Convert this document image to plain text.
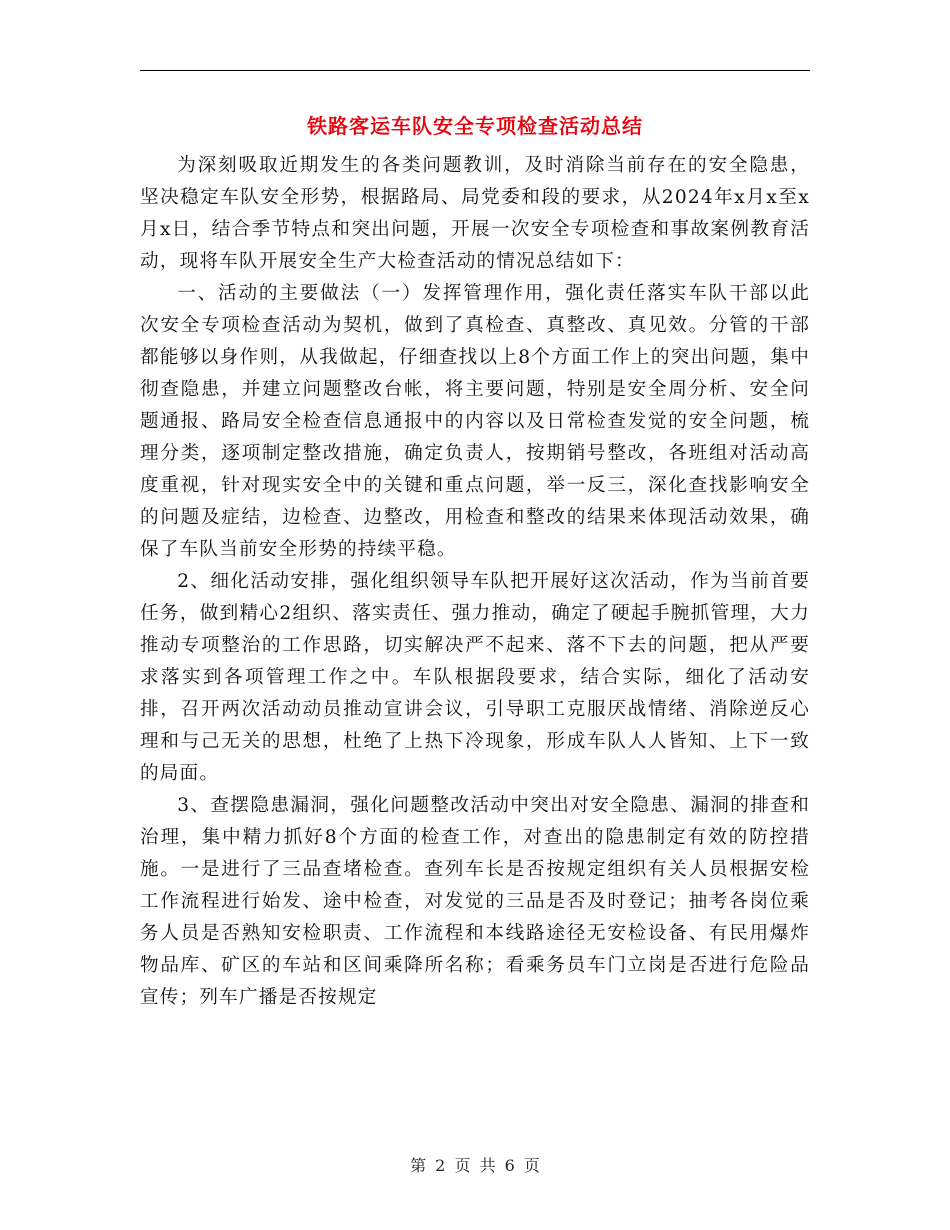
铁路客运车队安全专项检查活动总结

为深刻吸取近期发生的各类问题教训，及时消除当前存在的安全隐患，坚决稳定车队安全形势，根据路局、局党委和段的要求，从2024年x月x至x月x日，结合季节特点和突出问题，开展一次安全专项检查和事故案例教育活动，现将车队开展安全生产大检查活动的情况总结如下：

一、活动的主要做法（一）发挥管理作用，强化责任落实车队干部以此次安全专项检查活动为契机，做到了真检查、真整改、真见效。分管的干部都能够以身作则，从我做起，仔细查找以上8个方面工作上的突出问题，集中彻查隐患，并建立问题整改台帐，将主要问题，特别是安全周分析、安全问题通报、路局安全检查信息通报中的内容以及日常检查发觉的安全问题，梳理分类，逐项制定整改措施，确定负责人，按期销号整改，各班组对活动高度重视，针对现实安全中的关键和重点问题，举一反三，深化查找影响安全的问题及症结，边检查、边整改，用检查和整改的结果来体现活动效果，确保了车队当前安全形势的持续平稳。

2、细化活动安排，强化组织领导车队把开展好这次活动，作为当前首要任务，做到精心2组织、落实责任、强力推动，确定了硬起手腕抓管理，大力推动专项整治的工作思路，切实解决严不起来、落不下去的问题，把从严要求落实到各项管理工作之中。车队根据段要求，结合实际，细化了活动安排，召开两次活动动员推动宣讲会议，引导职工克服厌战情绪、消除逆反心理和与己无关的思想，杜绝了上热下冷现象，形成车队人人皆知、上下一致的局面。

3、查摆隐患漏洞，强化问题整改活动中突出对安全隐患、漏洞的排查和治理，集中精力抓好8个方面的检查工作，对查出的隐患制定有效的防控措施。一是进行了三品查堵检查。查列车长是否按规定组织有关人员根据安检工作流程进行始发、途中检查，对发觉的三品是否及时登记；抽考各岗位乘务人员是否熟知安检职责、工作流程和本线路途径无安检设备、有民用爆炸物品库、矿区的车站和区间乘降所名称；看乘务员车门立岗是否进行危险品宣传；列车广播是否按规定

第 2 页 共 6 页
